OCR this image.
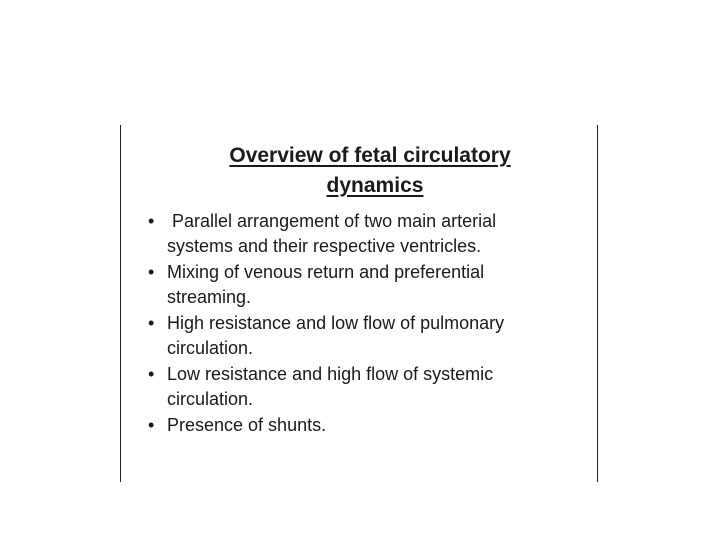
Overview of fetal circulatory
dynamics
• Parallel arrangement of two main arterial systems and their respective ventricles.
• Mixing of venous return and preferential streaming.
• High resistance and low flow of pulmonary circulation.
• Low resistance and high flow of systemic circulation.
• Presence of shunts.
